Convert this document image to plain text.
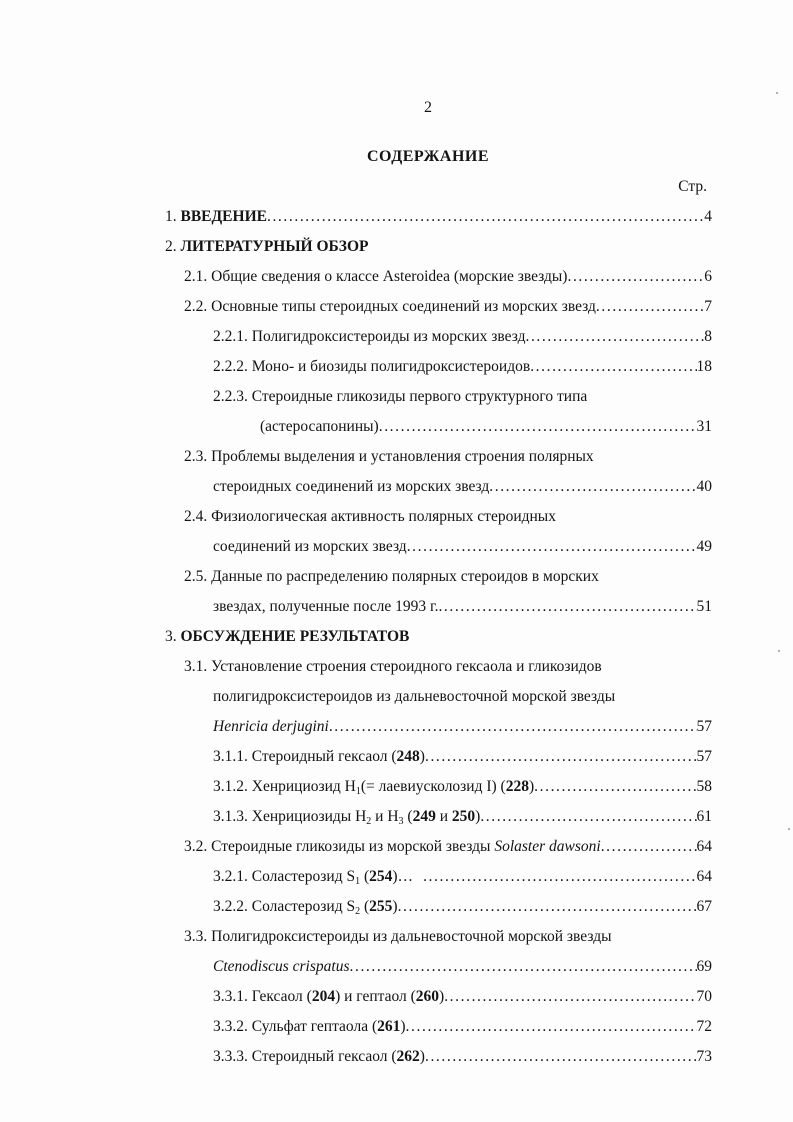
2
СОДЕРЖАНИЕ
Стр.
1. ВВЕДЕНИЕ .....	4
2. ЛИТЕРАТУРНЫЙ ОБЗОР
2.1. Общие сведения о классе Asteroidea (морские звезды) .....	6
2.2. Основные типы стероидных соединений из морских звезд .....	7
2.2.1. Полигидроксистероиды из морских звезд .....	8
2.2.2. Моно- и биозиды полигидроксистероидов .....	18
2.2.3. Стероидные гликозиды первого структурного типа
(астеросапонины) .....	31
2.3. Проблемы выделения и установления строения полярных
стероидных соединений из морских звезд .....	40
2.4. Физиологическая активность полярных стероидных
соединений из морских звезд .....	49
2.5. Данные по распределению полярных стероидов в морских
звездах, полученные после 1993 г. .....	51
3. ОБСУЖДЕНИЕ РЕЗУЛЬТАТОВ
3.1. Установление строения стероидного гексаола и гликозидов
полигидроксистероидов из дальневосточной морской звезды
Henricia derjugini .....	57
3.1.1. Стероидный гексаол (248) .....	57
3.1.2. Хенрициозид $H_1(=$ лаевиусколозид I) (228) .....	58
3.1.3. Хенрициозиды $H_2$ и $H_3$ (249 и 250) .....	61
3.2. Стероидные гликозиды из морской звезды Solaster dawsoni .....	64
3.2.1. Соластерозид $S_1$ (254)… .....	64
3.2.2. Соластерозид $S_2$ (255) .....	67
3.3. Полигидроксистероиды из дальневосточной морской звезды
Ctenodiscus crispatus .....	69
3.3.1. Гексаол (204) и гептаол (260) .....	70
3.3.2. Сульфат гептаола (261) .....	72
3.3.3. Стероидный гексаол (262) .....	73
